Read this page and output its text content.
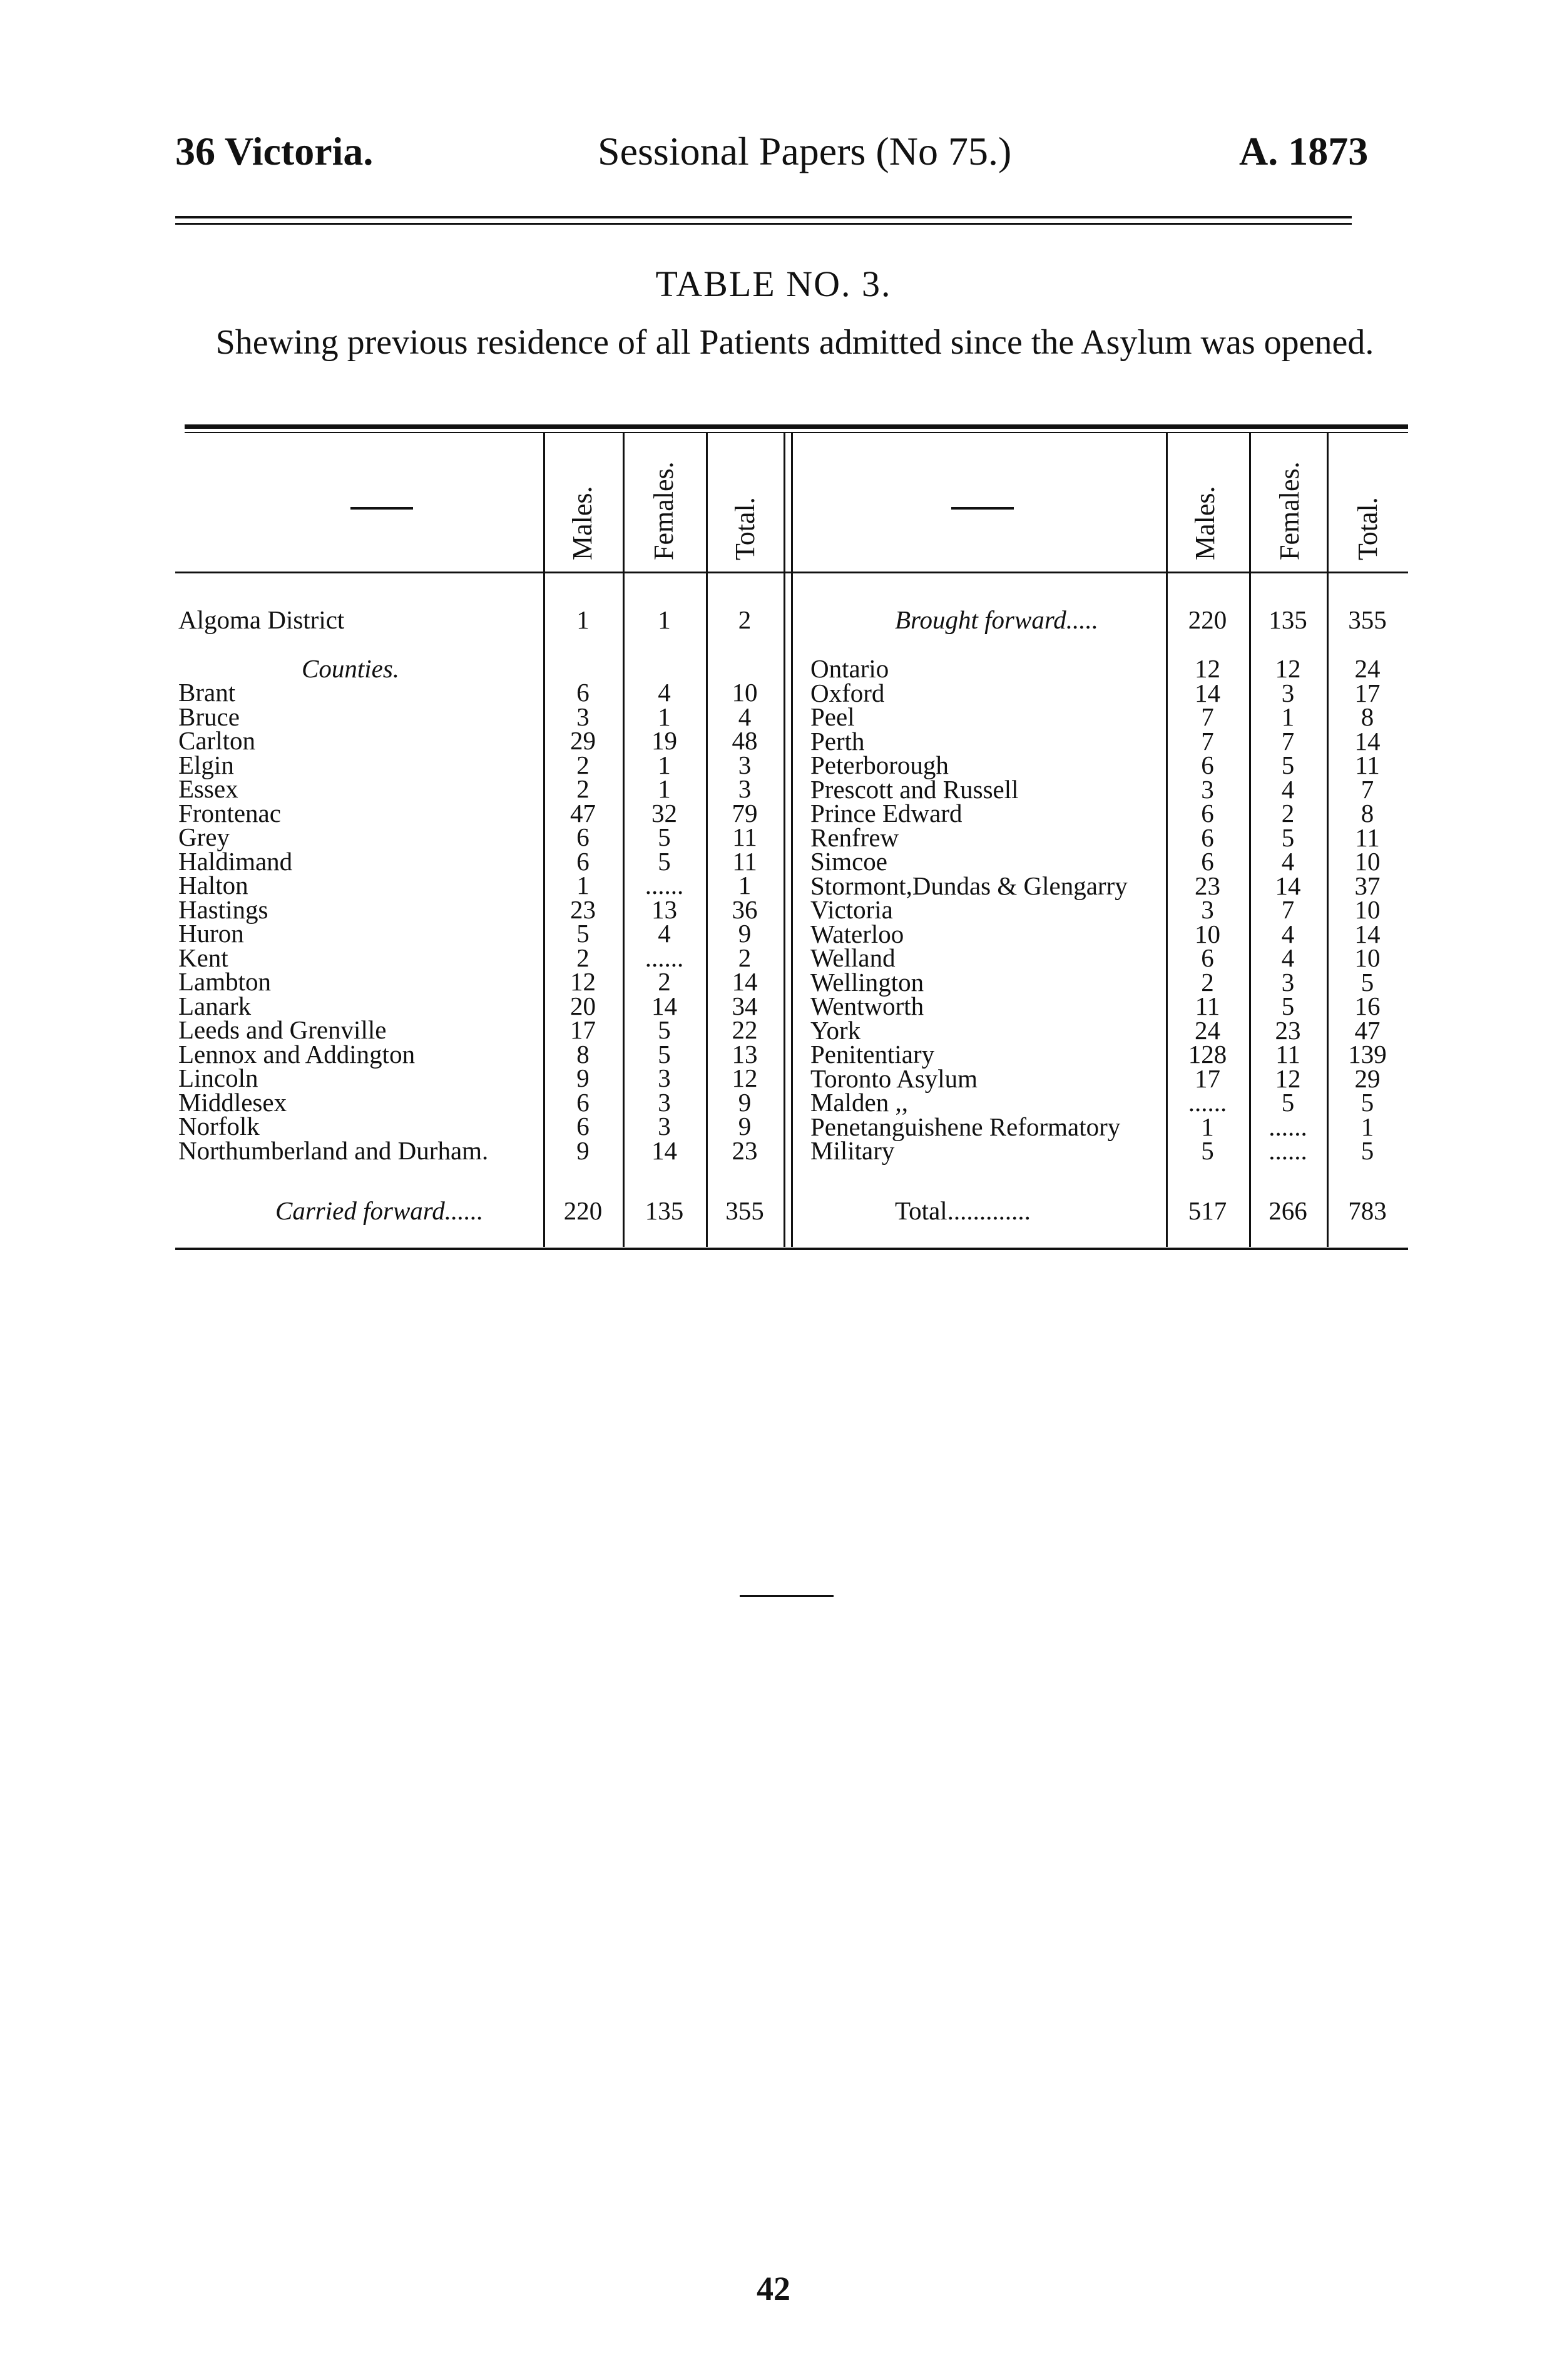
36 Victoria.	Sessional Papers (No 75.)	A. 1873
TABLE NO. 3.
Shewing previous residence of all Patients admitted since the Asylum was opened.
Males. Females. Total.	Males. Females. Total.
Algoma District	1	1	2
Counties.
Brant	6	4	10
Bruce	3	1	4
Carlton	29	19	48
Elgin	2	1	3
Essex	2	1	3
Frontenac	47	32	79
Grey	6	5	11
Haldimand	6	5	11
Halton	1	......	1
Hastings	23	13	36
Huron	5	4	9
Kent	2	......	2
Lambton	12	2	14
Lanark	20	14	34
Leeds and Grenville	17	5	22
Lennox and Addington	8	5	13
Lincoln	9	3	12
Middlesex	6	3	9
Norfolk	6	3	9
Northumberland and Durham.	9	14	23
Carried forward......	220	135	355
Brought forward.....	220	135	355
Ontario	12	12	24
Oxford	14	3	17
Peel	7	1	8
Perth	7	7	14
Peterborough	6	5	11
Prescott and Russell	3	4	7
Prince Edward	6	2	8
Renfrew	6	5	11
Simcoe	6	4	10
Stormont,Dundas & Glengarry	23	14	37
Victoria	3	7	10
Waterloo	10	4	14
Welland	6	4	10
Wellington	2	3	5
Wentworth	11	5	16
York	24	23	47
Penitentiary	128	11	139
Toronto Asylum	17	12	29
Malden ,,	......	5	5
Penetanguishene Reformatory	1	......	1
Military	5	......	5
Total.............	517	266	783
42
